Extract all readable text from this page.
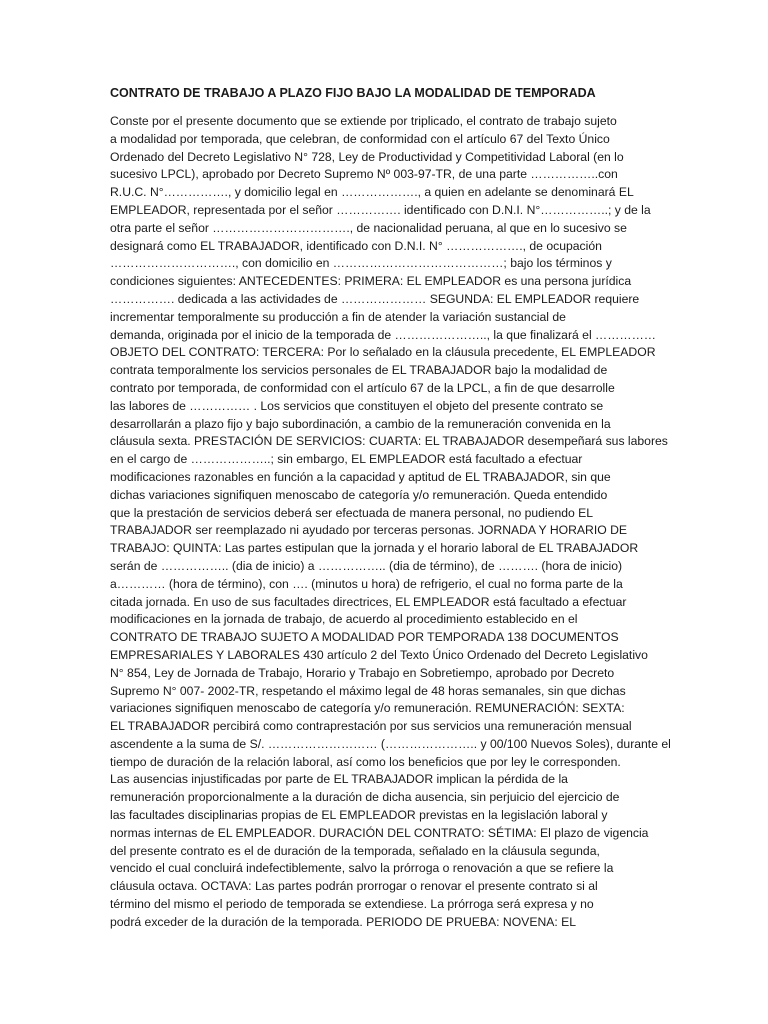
CONTRATO DE TRABAJO A PLAZO FIJO BAJO LA MODALIDAD DE TEMPORADA
Conste por el presente documento que se extiende por triplicado, el contrato de trabajo sujeto
a modalidad por temporada, que celebran, de conformidad con el artículo 67 del Texto Único
Ordenado del Decreto Legislativo N° 728, Ley de Productividad y Competitividad Laboral (en lo
sucesivo LPCL), aprobado por Decreto Supremo Nº 003-97-TR, de una parte ……………..con
R.U.C. N°……………., y domicilio legal en ………………., a quien en adelante se denominará EL
EMPLEADOR, representada por el señor ……………. identificado con D.N.I. N°……………..; y de la
otra parte el señor ……………………………., de nacionalidad peruana, al que en lo sucesivo se
designará como EL TRABAJADOR, identificado con D.N.I. N° ………………., de ocupación
…………………………., con domicilio en ……………………………………; bajo los términos y
condiciones siguientes: ANTECEDENTES: PRIMERA: EL EMPLEADOR es una persona jurídica
……………. dedicada a las actividades de ………………… SEGUNDA: EL EMPLEADOR requiere
incrementar temporalmente su producción a fin de atender la variación sustancial de
demanda, originada por el inicio de la temporada de ………………….., la que finalizará el ……………
OBJETO DEL CONTRATO: TERCERA: Por lo señalado en la cláusula precedente, EL EMPLEADOR
contrata temporalmente los servicios personales de EL TRABAJADOR bajo la modalidad de
contrato por temporada, de conformidad con el artículo 67 de la LPCL, a fin de que desarrolle
las labores de …………… . Los servicios que constituyen el objeto del presente contrato se
desarrollarán a plazo fijo y bajo subordinación, a cambio de la remuneración convenida en la
cláusula sexta. PRESTACIÓN DE SERVICIOS: CUARTA: EL TRABAJADOR desempeñará sus labores
en el cargo de ………………..; sin embargo, EL EMPLEADOR está facultado a efectuar
modificaciones razonables en función a la capacidad y aptitud de EL TRABAJADOR, sin que
dichas variaciones signifiquen menoscabo de categoría y/o remuneración. Queda entendido
que la prestación de servicios deberá ser efectuada de manera personal, no pudiendo EL
TRABAJADOR ser reemplazado ni ayudado por terceras personas. JORNADA Y HORARIO DE
TRABAJO: QUINTA: Las partes estipulan que la jornada y el horario laboral de EL TRABAJADOR
serán de …………….. (dia de inicio) a …………….. (dia de término), de ………. (hora de inicio)
a………… (hora de término), con …. (minutos u hora) de refrigerio, el cual no forma parte de la
citada jornada. En uso de sus facultades directrices, EL EMPLEADOR está facultado a efectuar
modificaciones en la jornada de trabajo, de acuerdo al procedimiento establecido en el
CONTRATO DE TRABAJO SUJETO A MODALIDAD POR TEMPORADA 138 DOCUMENTOS
EMPRESARIALES Y LABORALES 430 artículo 2 del Texto Único Ordenado del Decreto Legislativo
N° 854, Ley de Jornada de Trabajo, Horario y Trabajo en Sobretiempo, aprobado por Decreto
Supremo N° 007- 2002-TR, respetando el máximo legal de 48 horas semanales, sin que dichas
variaciones signifiquen menoscabo de categoría y/o remuneración. REMUNERACIÓN: SEXTA:
EL TRABAJADOR percibirá como contraprestación por sus servicios una remuneración mensual
ascendente a la suma de S/. ……………………… (………………….. y 00/100 Nuevos Soles), durante el
tiempo de duración de la relación laboral, así como los beneficios que por ley le corresponden.
Las ausencias injustificadas por parte de EL TRABAJADOR implican la pérdida de la
remuneración proporcionalmente a la duración de dicha ausencia, sin perjuicio del ejercicio de
las facultades disciplinarias propias de EL EMPLEADOR previstas en la legislación laboral y
normas internas de EL EMPLEADOR. DURACIÓN DEL CONTRATO: SÉTIMA: El plazo de vigencia
del presente contrato es el de duración de la temporada, señalado en la cláusula segunda,
vencido el cual concluirá indefectiblemente, salvo la prórroga o renovación a que se refiere la
cláusula octava. OCTAVA: Las partes podrán prorrogar o renovar el presente contrato si al
término del mismo el periodo de temporada se extendiese. La prórroga será expresa y no
podrá exceder de la duración de la temporada. PERIODO DE PRUEBA: NOVENA: EL
